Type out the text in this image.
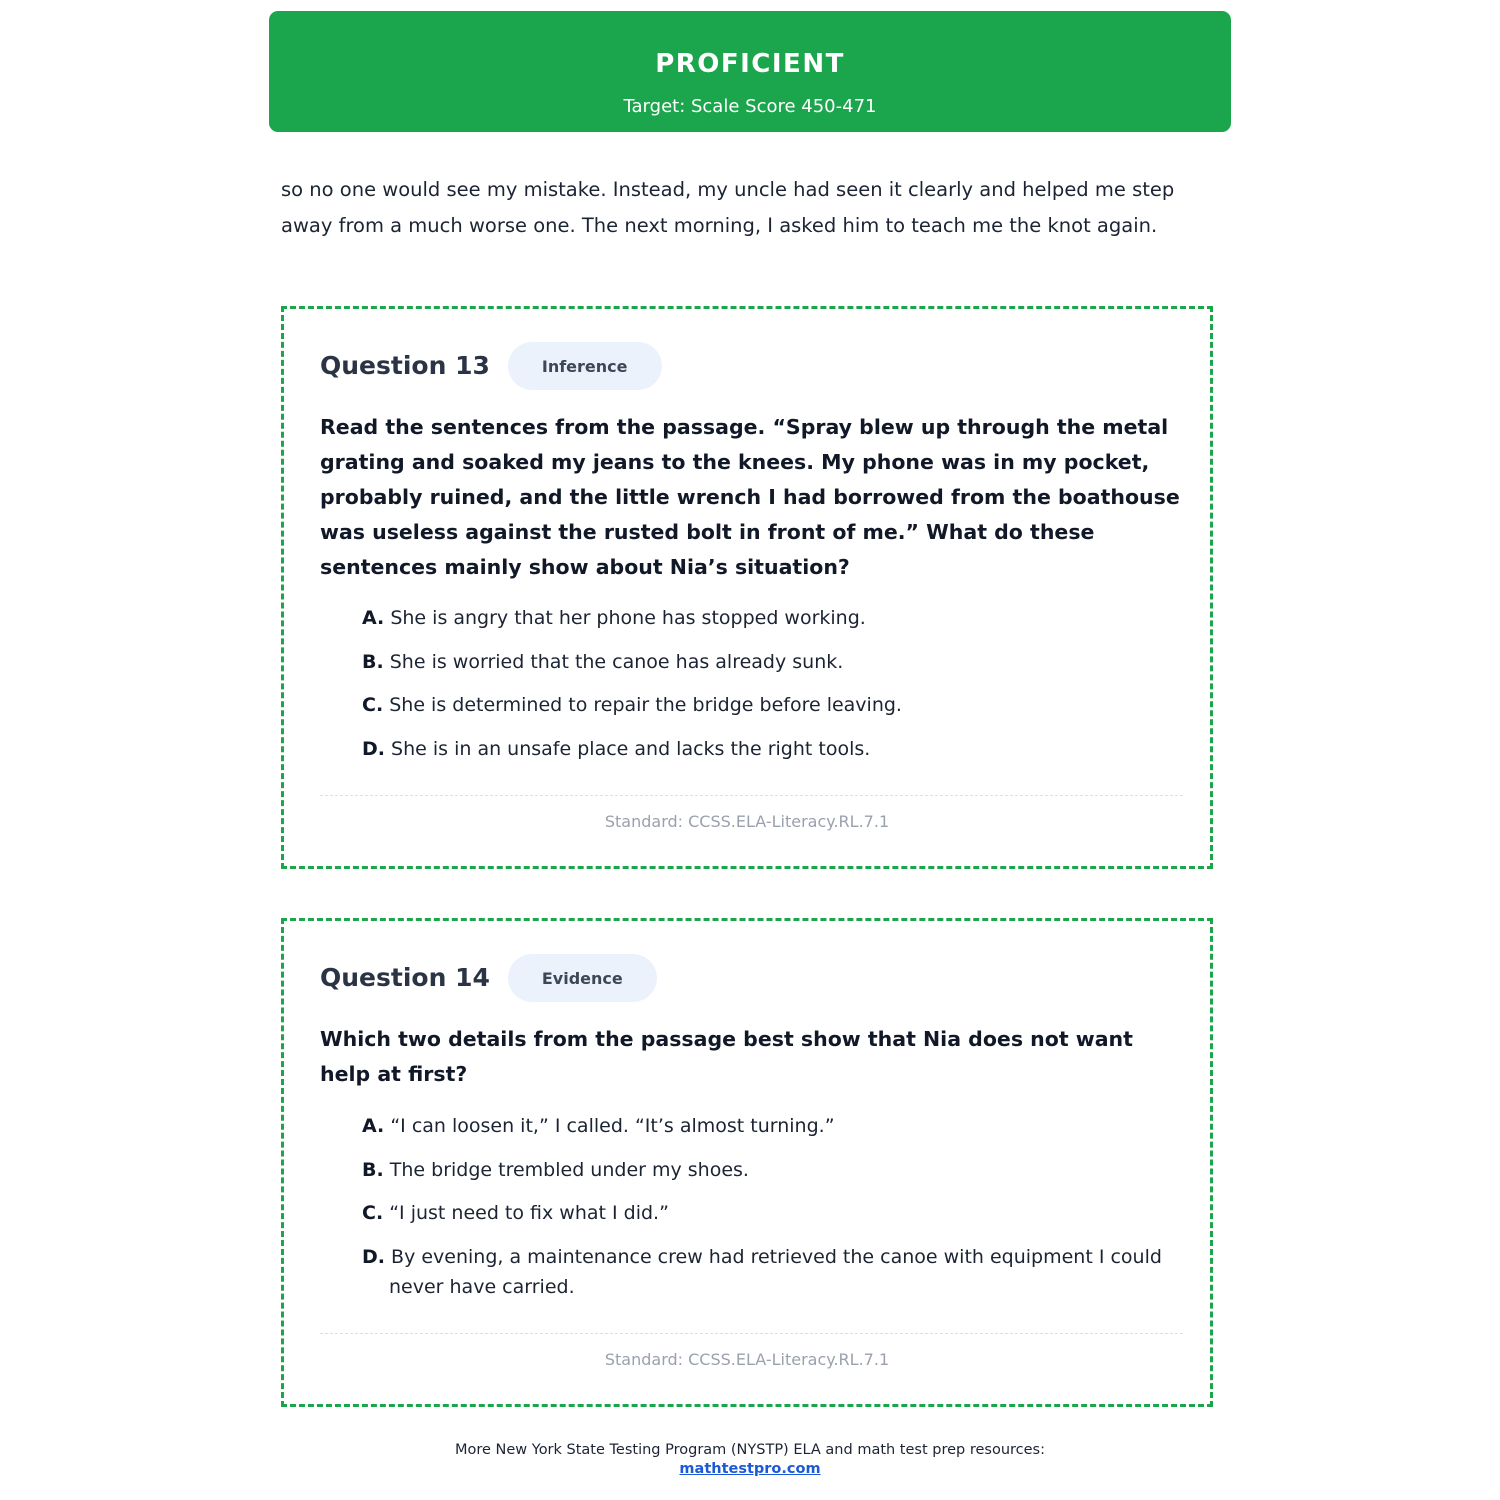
PROFICIENT
Target: Scale Score 450-471

so no one would see my mistake. Instead, my uncle had seen it clearly and helped me step away from a much worse one. The next morning, I asked him to teach me the knot again.

Question 13	Inference

Read the sentences from the passage. “Spray blew up through the metal grating and soaked my jeans to the knees. My phone was in my pocket, probably ruined, and the little wrench I had borrowed from the boathouse was useless against the rusted bolt in front of me.” What do these sentences mainly show about Nia’s situation?

A. She is angry that her phone has stopped working.
B. She is worried that the canoe has already sunk.
C. She is determined to repair the bridge before leaving.
D. She is in an unsafe place and lacks the right tools.
Standard: CCSS.ELA-Literacy.RL.7.1
Question 14	Evidence

Which two details from the passage best show that Nia does not want help at first?

A. “I can loosen it,” I called. “It’s almost turning.”
B. The bridge trembled under my shoes.
C. “I just need to fix what I did.”
D. By evening, a maintenance crew had retrieved the canoe with equipment I could never have carried.
Standard: CCSS.ELA-Literacy.RL.7.1
More New York State Testing Program (NYSTP) ELA and math test prep resources:
mathtestpro.com
